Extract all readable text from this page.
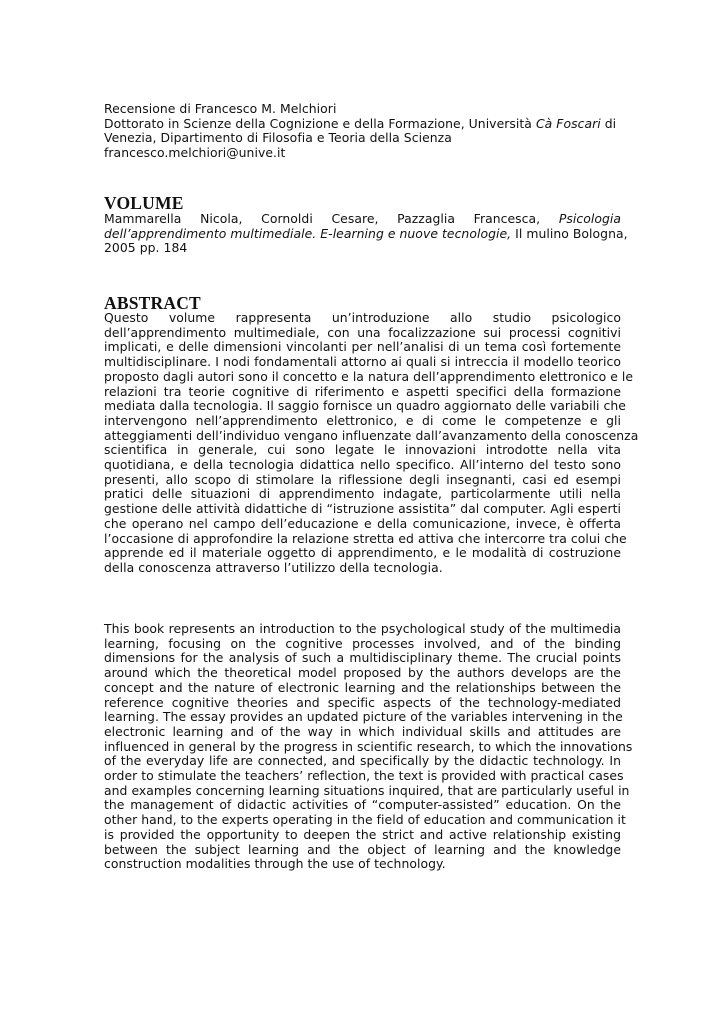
Recensione di Francesco M. Melchiori
Dottorato in Scienze della Cognizione e della Formazione, Università Cà Foscari di
Venezia, Dipartimento di Filosofia e Teoria della Scienza
francesco.melchiori@unive.it
VOLUME
Mammarella Nicola, Cornoldi Cesare, Pazzaglia Francesca, Psicologia
dell’apprendimento multimediale. E-learning e nuove tecnologie, Il mulino Bologna,
2005 pp. 184
ABSTRACT
Questo volume rappresenta un’introduzione allo studio psicologico
dell’apprendimento multimediale, con una focalizzazione sui processi cognitivi
implicati, e delle dimensioni vincolanti per nell’analisi di un tema così fortemente
multidisciplinare. I nodi fondamentali attorno ai quali si intreccia il modello teorico
proposto dagli autori sono il concetto e la natura dell’apprendimento elettronico e le
relazioni tra teorie cognitive di riferimento e aspetti specifici della formazione
mediata dalla tecnologia. Il saggio fornisce un quadro aggiornato delle variabili che
intervengono nell’apprendimento elettronico, e di come le competenze e gli
atteggiamenti dell’individuo vengano influenzate dall’avanzamento della conoscenza
scientifica in generale, cui sono legate le innovazioni introdotte nella vita
quotidiana, e della tecnologia didattica nello specifico. All’interno del testo sono
presenti, allo scopo di stimolare la riflessione degli insegnanti, casi ed esempi
pratici delle situazioni di apprendimento indagate, particolarmente utili nella
gestione delle attività didattiche di “istruzione assistita” dal computer. Agli esperti
che operano nel campo dell’educazione e della comunicazione, invece, è offerta
l’occasione di approfondire la relazione stretta ed attiva che intercorre tra colui che
apprende ed il materiale oggetto di apprendimento, e le modalità di costruzione
della conoscenza attraverso l’utilizzo della tecnologia.
This book represents an introduction to the psychological study of the multimedia
learning, focusing on the cognitive processes involved, and of the binding
dimensions for the analysis of such a multidisciplinary theme. The crucial points
around which the theoretical model proposed by the authors develops are the
concept and the nature of electronic learning and the relationships between the
reference cognitive theories and specific aspects of the technology-mediated
learning. The essay provides an updated picture of the variables intervening in the
electronic learning and of the way in which individual skills and attitudes are
influenced in general by the progress in scientific research, to which the innovations
of the everyday life are connected, and specifically by the didactic technology. In
order to stimulate the teachers’ reflection, the text is provided with practical cases
and examples concerning learning situations inquired, that are particularly useful in
the management of didactic activities of “computer-assisted” education. On the
other hand, to the experts operating in the field of education and communication it
is provided the opportunity to deepen the strict and active relationship existing
between the subject learning and the object of learning and the knowledge
construction modalities through the use of technology.
